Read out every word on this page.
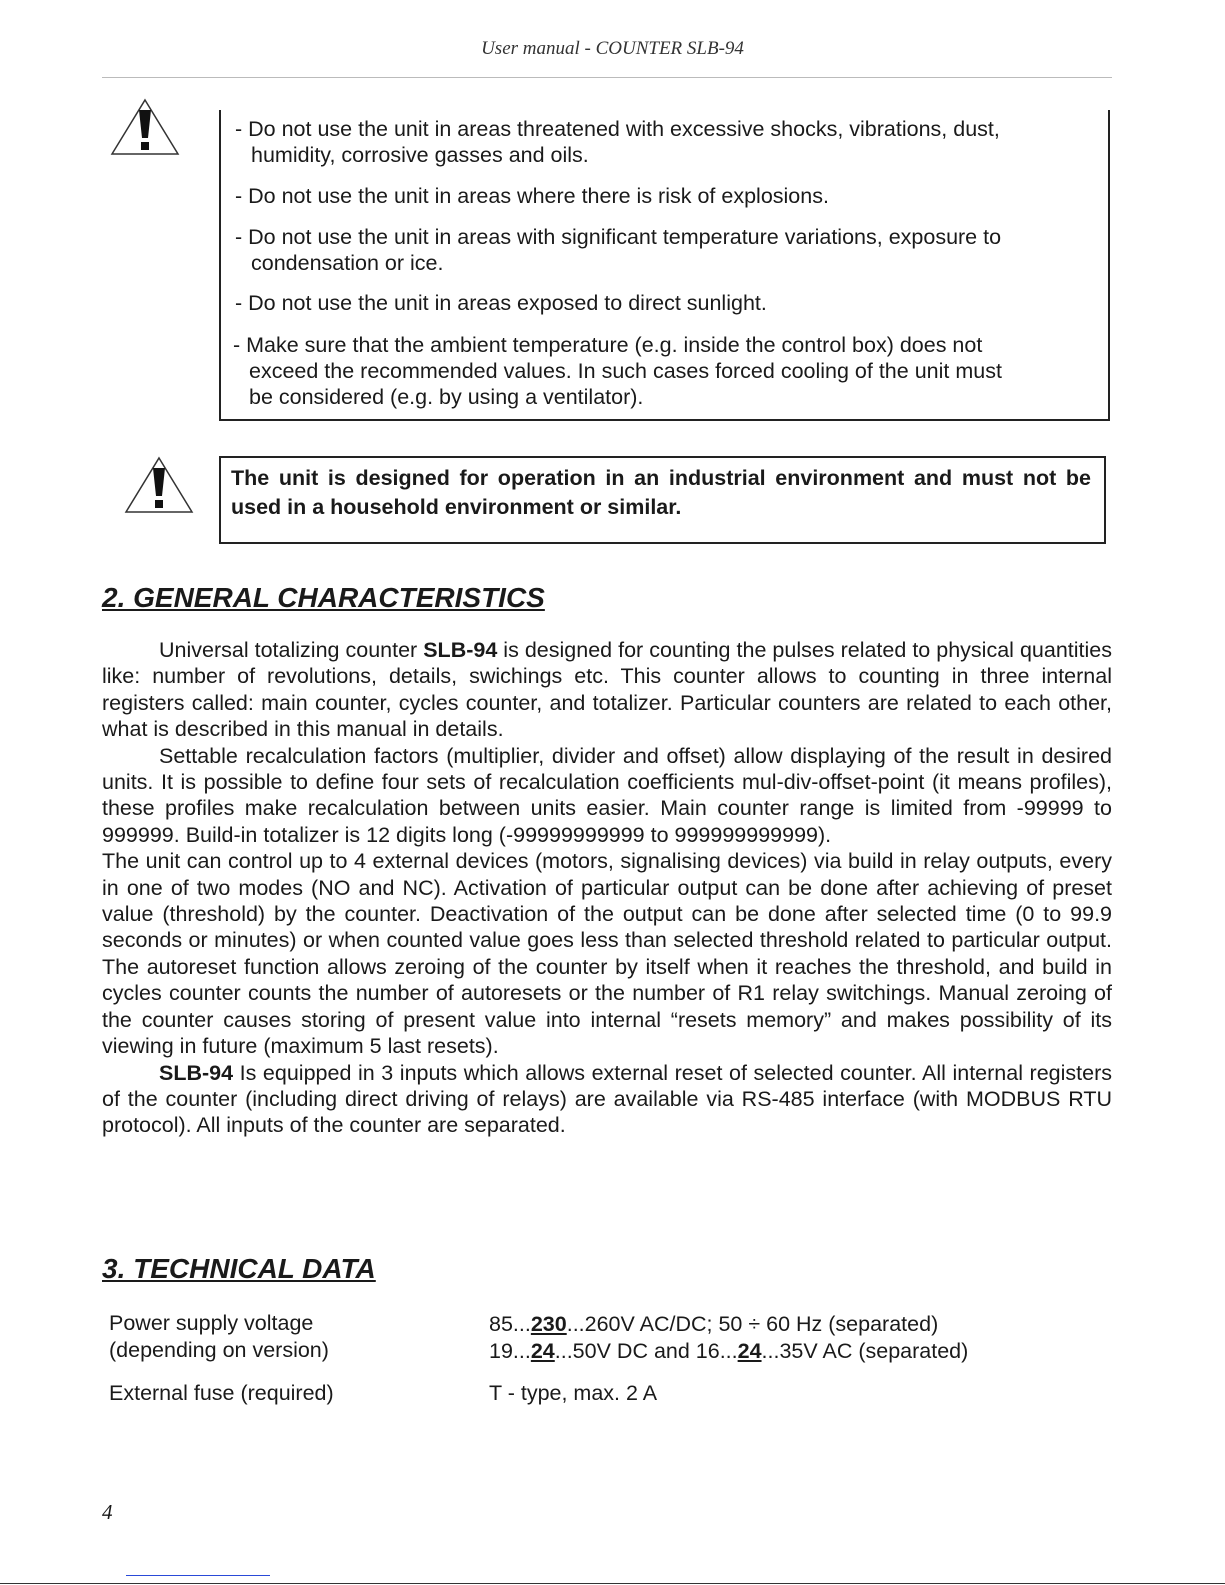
User manual - COUNTER SLB-94

- Do not use the unit in areas threatened with excessive shocks, vibrations, dust,

humidity, corrosive gasses and oils.

- Do not use the unit in areas where there is risk of explosions.

- Do not use the unit in areas with significant temperature variations, exposure to

condensation or ice.

- Do not use the unit in areas exposed to direct sunlight.

- Make sure that the ambient temperature (e.g. inside the control box) does not

exceed the recommended values. In such cases forced cooling of the unit must

be considered (e.g. by using a ventilator).

The unit is designed for operation in an industrial environment and must not be used in a household environment or similar.

2. GENERAL CHARACTERISTICS

Universal totalizing counter SLB-94 is designed for counting the pulses related to physical quantities like: number of revolutions, details, swichings etc. This counter allows to counting in three internal registers called: main counter, cycles counter, and totalizer. Particular counters are related to each other, what is described in this manual in details.

Settable recalculation factors (multiplier, divider and offset) allow displaying of the result in desired units. It is possible to define four sets of recalculation coefficients mul-div-offset-point (it means profiles), these profiles make recalculation between units easier. Main counter range is limited from -99999 to 999999. Build-in totalizer is 12 digits long (-99999999999 to 999999999999).

The unit can control up to 4 external devices (motors, signalising devices) via build in relay outputs, every in one of two modes (NO and NC). Activation of particular output can be done after achieving of preset value (threshold) by the counter. Deactivation of the output can be done after selected time (0 to 99.9 seconds or minutes) or when counted value goes less than selected threshold related to particular output. The autoreset function allows zeroing of the counter by itself when it reaches the threshold, and build in cycles counter counts the number of autoresets or the number of R1 relay switchings. Manual zeroing of the counter causes storing of present value into internal “resets memory” and makes possibility of its viewing in future (maximum 5 last resets).

SLB-94 Is equipped in 3 inputs which allows external reset of selected counter. All internal registers of the counter (including direct driving of relays) are available via RS-485 interface (with MODBUS RTU protocol). All inputs of the counter are separated.

3. TECHNICAL DATA
Power supply voltage
(depending on version)
85...230...260V AC/DC; 50 ÷ 60 Hz (separated)
19...24...50V DC and 16...24...35V AC (separated)
External fuse (required)	T - type, max. 2 A
4
